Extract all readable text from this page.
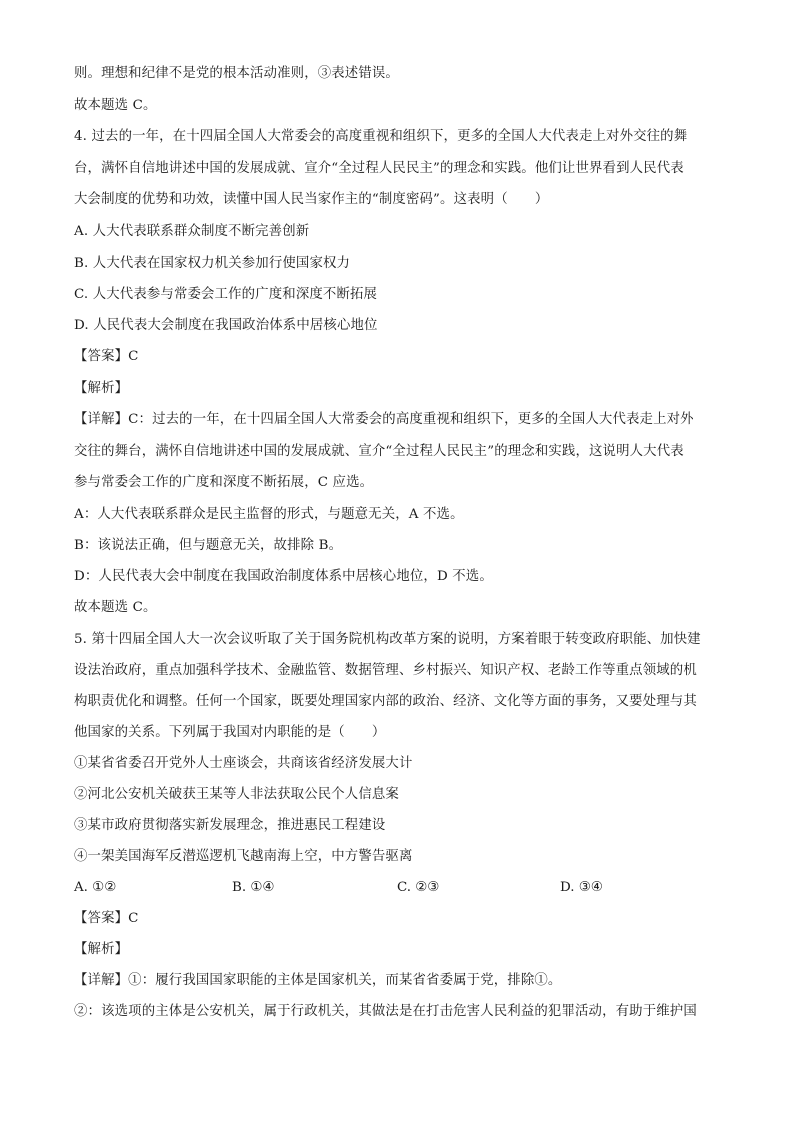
则。理想和纪律不是党的根本活动准则，③表述错误。
故本题选 C。
4. 过去的一年，在十四届全国人大常委会的高度重视和组织下，更多的全国人大代表走上对外交往的舞
台，满怀自信地讲述中国的发展成就、宣介“全过程人民民主”的理念和实践。他们让世界看到人民代表
大会制度的优势和功效，读懂中国人民当家作主的“制度密码”。这表明（　　）
A. 人大代表联系群众制度不断完善创新
B. 人大代表在国家权力机关参加行使国家权力
C. 人大代表参与常委会工作的广度和深度不断拓展
D. 人民代表大会制度在我国政治体系中居核心地位
【答案】C
【解析】
【详解】C：过去的一年，在十四届全国人大常委会的高度重视和组织下，更多的全国人大代表走上对外
交往的舞台，满怀自信地讲述中国的发展成就、宣介“全过程人民民主”的理念和实践，这说明人大代表
参与常委会工作的广度和深度不断拓展，C 应选。
A：人大代表联系群众是民主监督的形式，与题意无关，A 不选。
B：该说法正确，但与题意无关，故排除 B。
D：人民代表大会中制度在我国政治制度体系中居核心地位，D 不选。
故本题选 C。
5. 第十四届全国人大一次会议听取了关于国务院机构改革方案的说明，方案着眼于转变政府职能、加快建
设法治政府，重点加强科学技术、金融监管、数据管理、乡村振兴、知识产权、老龄工作等重点领域的机
构职责优化和调整。任何一个国家，既要处理国家内部的政治、经济、文化等方面的事务，又要处理与其
他国家的关系。下列属于我国对内职能的是（　　）
①某省省委召开党外人士座谈会，共商该省经济发展大计
②河北公安机关破获王某等人非法获取公民个人信息案
③某市政府贯彻落实新发展理念，推进惠民工程建设
④一架美国海军反潜巡逻机飞越南海上空，中方警告驱离
A. ①②	B. ①④	C. ②③	D. ③④
【答案】C
【解析】
【详解】①：履行我国国家职能的主体是国家机关，而某省省委属于党，排除①。
②：该选项的主体是公安机关，属于行政机关，其做法是在打击危害人民利益的犯罪活动，有助于维护国
